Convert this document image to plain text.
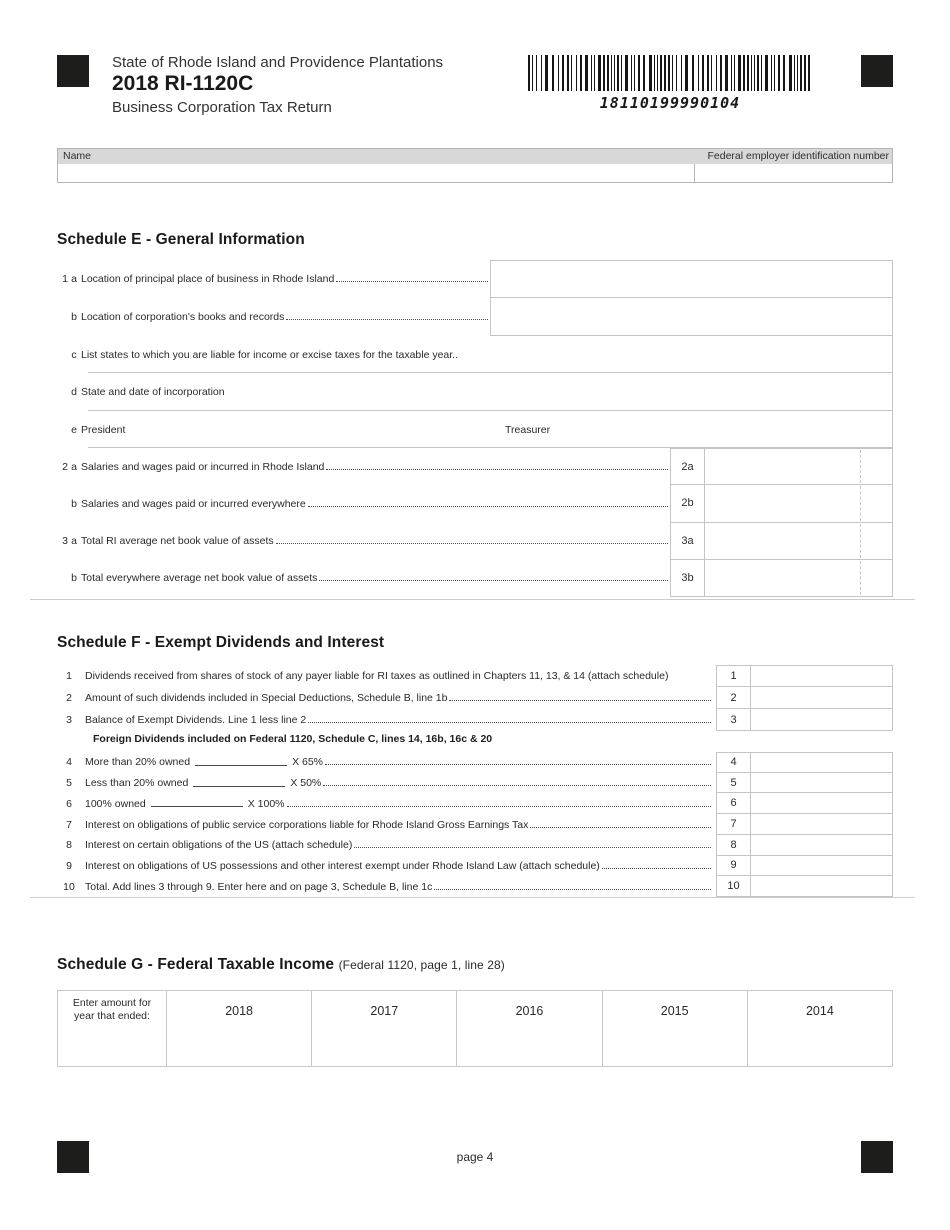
State of Rhode Island and Providence Plantations
2018 RI-1120C
Business Corporation Tax Return	18110199990104
Name	Federal employer identification number
Schedule E - General Information
1 a Location of principal place of business in Rhode Island
b Location of corporation's books and records
c List states to which you are liable for income or excise taxes for the taxable year..
d State and date of incorporation
e President	Treasurer
2 a Salaries and wages paid or incurred in Rhode Island	2a
b Salaries and wages paid or incurred everywhere	2b
3 a Total RI average net book value of assets	3a
b Total everywhere average net book value of assets	3b
Schedule F - Exempt Dividends and Interest
1	Dividends received from shares of stock of any payer liable for RI taxes as outlined in Chapters 11, 13, & 14 (attach schedule)	1
2	Amount of such dividends included in Special Deductions, Schedule B, line 1b	2
3	Balance of Exempt Dividends. Line 1 less line 2	3
Foreign Dividends included on Federal 1120, Schedule C, lines 14, 16b, 16c & 20
4	More than 20% owned	X 65%	4
5	Less than 20% owned	X 50%	5
6	100% owned	X 100%	6
7	Interest on obligations of public service corporations liable for Rhode Island Gross Earnings Tax	7
8	Interest on certain obligations of the US (attach schedule)	8
9	Interest on obligations of US possessions and other interest exempt under Rhode Island Law (attach schedule)	9
10 Total. Add lines 3 through 9. Enter here and on page 3, Schedule B, line 1c	10
Schedule G - Federal Taxable Income (Federal 1120, page 1, line 28)
Enter amount for year that ended:	2018	2017	2016	2015	2014
page 4
